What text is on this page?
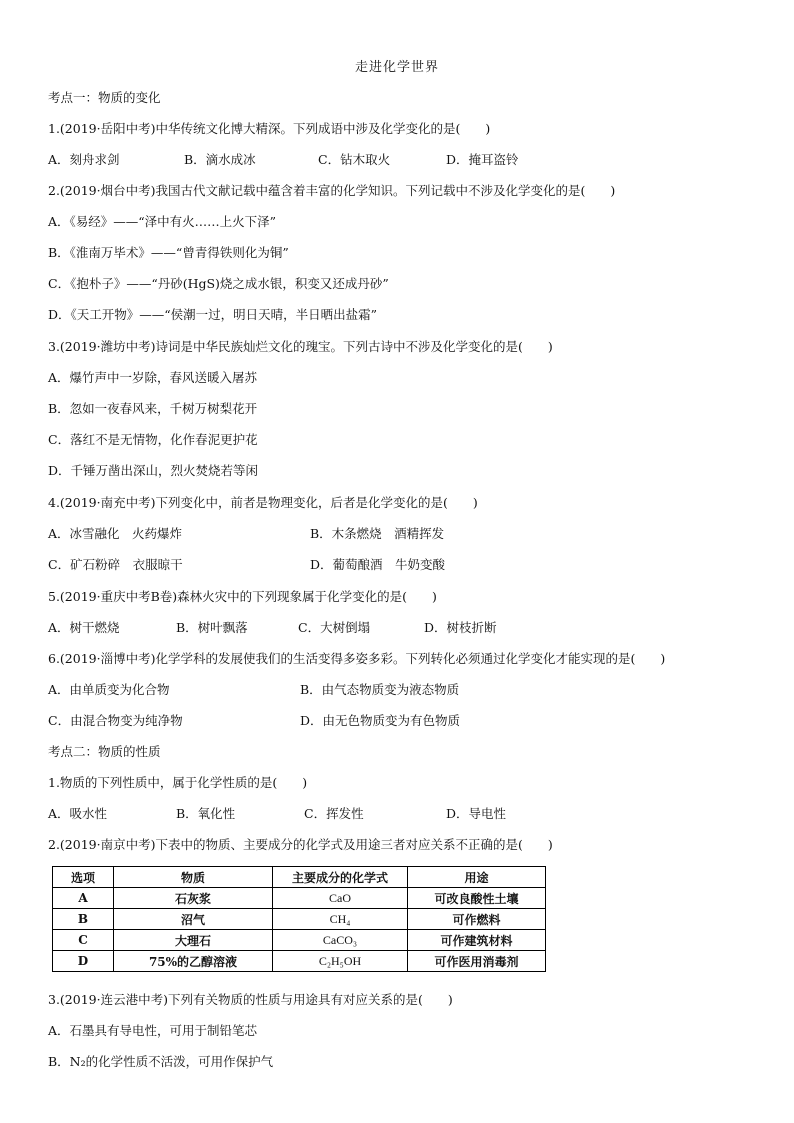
走进化学世界
考点一：物质的变化
1.(2019·岳阳中考)中华传统文化博大精深。下列成语中涉及化学变化的是(　　)
A．刻舟求剑	B．滴水成冰	C．钻木取火	D．掩耳盗铃
2.(2019·烟台中考)我国古代文献记载中蕴含着丰富的化学知识。下列记载中不涉及化学变化的是(　　)
A．《易经》——“泽中有火……上火下泽”
B．《淮南万毕术》——“曾青得铁则化为铜”
C．《抱朴子》——“丹砂(HgS)烧之成水银，积变又还成丹砂”
D．《天工开物》——“侯潮一过，明日天晴，半日晒出盐霜”
3.(2019·潍坊中考)诗词是中华民族灿烂文化的瑰宝。下列古诗中不涉及化学变化的是(　　)
A．爆竹声中一岁除，春风送暖入屠苏
B．忽如一夜春风来，千树万树梨花开
C．落红不是无情物，化作春泥更护花
D．千锤万凿出深山，烈火焚烧若等闲
4.(2019·南充中考)下列变化中，前者是物理变化，后者是化学变化的是(　　)
A．冰雪融化　火药爆炸	B．木条燃烧　酒精挥发
C．矿石粉碎　衣服晾干	D．葡萄酿酒　牛奶变酸
5.(2019·重庆中考B卷)森林火灾中的下列现象属于化学变化的是(　　)
A．树干燃烧	B．树叶飘落	C．大树倒塌	D．树枝折断
6.(2019·淄博中考)化学学科的发展使我们的生活变得多姿多彩。下列转化必须通过化学变化才能实现的是(　　)
A．由单质变为化合物	B．由气态物质变为液态物质
C．由混合物变为纯净物	D．由无色物质变为有色物质
考点二：物质的性质
1.物质的下列性质中，属于化学性质的是(　　)
A．吸水性	B．氧化性	C．挥发性	D．导电性
2.(2019·南京中考)下表中的物质、主要成分的化学式及用途三者对应关系不正确的是(　　)
选项	物质	主要成分的化学式	用途
A	石灰浆	CaO	可改良酸性土壤
B	沼气	CH₄	可作燃料
C	大理石	CaCO₃	可作建筑材料
D	75%的乙醇溶液	C₂H₅OH	可作医用消毒剂
3.(2019·连云港中考)下列有关物质的性质与用途具有对应关系的是(　　)
A．石墨具有导电性，可用于制铅笔芯
B．N₂的化学性质不活泼，可用作保护气
